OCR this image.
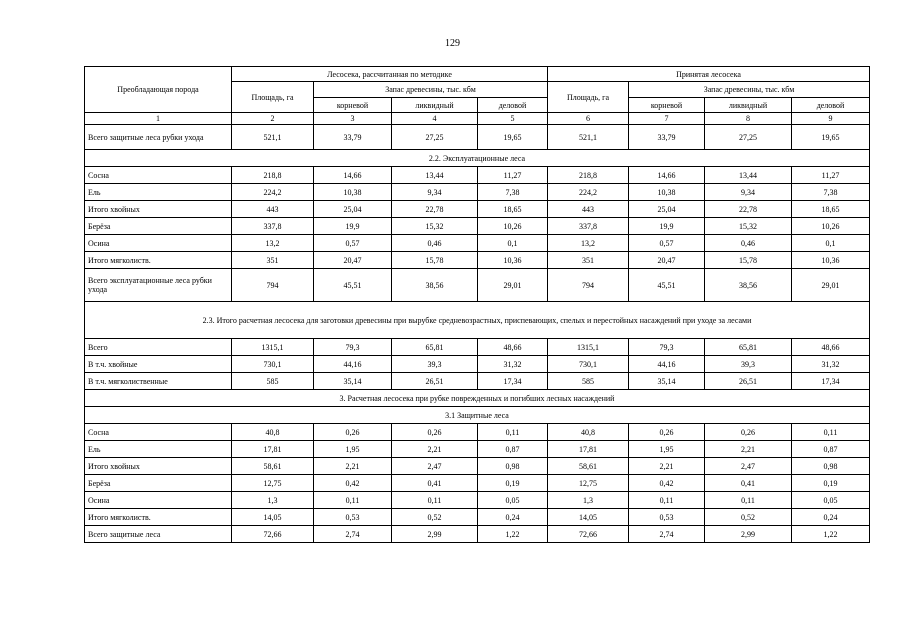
129
Преобладающая порода	Лесосека, рассчитанная по методике				Принятая лесосека			
	Площадь, га	Запас древесины, тыс. кбм			Площадь, га	Запас древесины, тыс. кбм		
		корневой	ликвидный	деловой		корневой	ликвидный	деловой
1	2	3	4	5	6	7	8	9
Всего защитные леса рубки ухода	521,1	33,79	27,25	19,65	521,1	33,79	27,25	19,65
2.2. Эксплуатационные леса								
Сосна	218,8	14,66	13,44	11,27	218,8	14,66	13,44	11,27
Ель	224,2	10,38	9,34	7,38	224,2	10,38	9,34	7,38
Итого хвойных	443	25,04	22,78	18,65	443	25,04	22,78	18,65
Берёза	337,8	19,9	15,32	10,26	337,8	19,9	15,32	10,26
Осина	13,2	0,57	0,46	0,1	13,2	0,57	0,46	0,1
Итого мягколиств.	351	20,47	15,78	10,36	351	20,47	15,78	10,36
Всего эксплуатационные леса рубки ухода	794	45,51	38,56	29,01	794	45,51	38,56	29,01
2.3. Итого расчетная лесосека для заготовки древесины при вырубке средневозрастных, приспевающих, спелых и перестойных насаждений при уходе за лесами								
Всего	1315,1	79,3	65,81	48,66	1315,1	79,3	65,81	48,66
В т.ч. хвойные	730,1	44,16	39,3	31,32	730,1	44,16	39,3	31,32
В т.ч. мягколиственные	585	35,14	26,51	17,34	585	35,14	26,51	17,34
3. Расчетная лесосека при рубке поврежденных и погибших лесных насаждений								
3.1 Защитные леса								
Сосна	40,8	0,26	0,26	0,11	40,8	0,26	0,26	0,11
Ель	17,81	1,95	2,21	0,87	17,81	1,95	2,21	0,87
Итого хвойных	58,61	2,21	2,47	0,98	58,61	2,21	2,47	0,98
Берёза	12,75	0,42	0,41	0,19	12,75	0,42	0,41	0,19
Осина	1,3	0,11	0,11	0,05	1,3	0,11	0,11	0,05
Итого мягколиств.	14,05	0,53	0,52	0,24	14,05	0,53	0,52	0,24
Всего защитные леса	72,66	2,74	2,99	1,22	72,66	2,74	2,99	1,22
